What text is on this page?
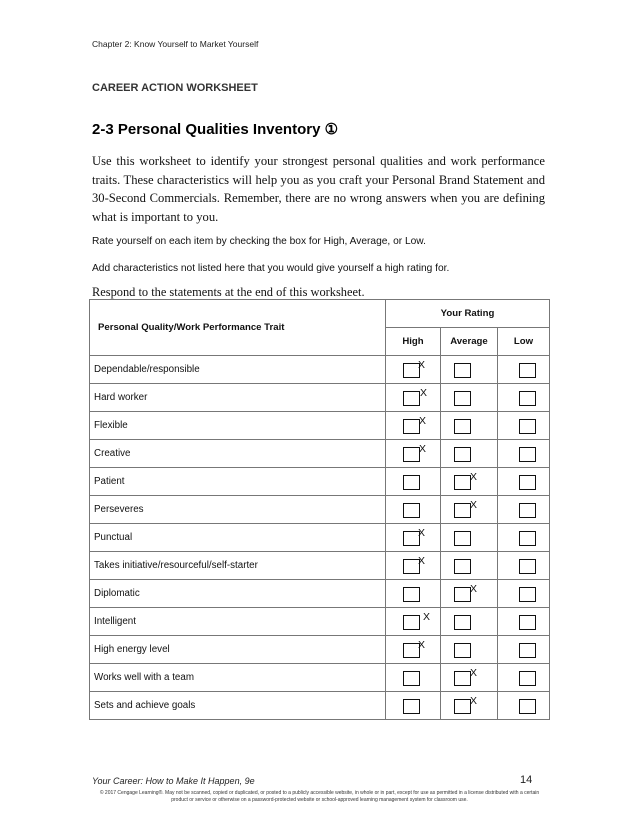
Chapter 2: Know Yourself to Market Yourself
CAREER ACTION WORKSHEET
2-3 Personal Qualities Inventory ①
Use this worksheet to identify your strongest personal qualities and work performance traits. These characteristics will help you as you craft your Personal Brand Statement and 30-Second Commercials. Remember, there are no wrong answers when you are defining what is important to you.
Rate yourself on each item by checking the box for High, Average, or Low.
Add characteristics not listed here that you would give yourself a high rating for.
Respond to the statements at the end of this worksheet.
Personal Quality/Work Performance Trait	Your Rating		
	High	Average	Low
Dependable/responsible	X		

Hard worker	X		

Flexible	X		

Creative	X		

Patient		X	

Perseveres		X	

Punctual	X		

Takes initiative/resourceful/self-starter	X		

Diplomatic		X	

Intelligent	X		

High energy level	X		

Works well with a team		X	

Sets and achieve goals		X	

Your Career: How to Make It Happen, 9e	14
© 2017 Cengage Learning®. May not be scanned, copied or duplicated, or posted to a publicly accessible website, in whole or in part, except for use as permitted in a license distributed with a certain product or service or otherwise on a password-protected website or school-approved learning management system for classroom use.
